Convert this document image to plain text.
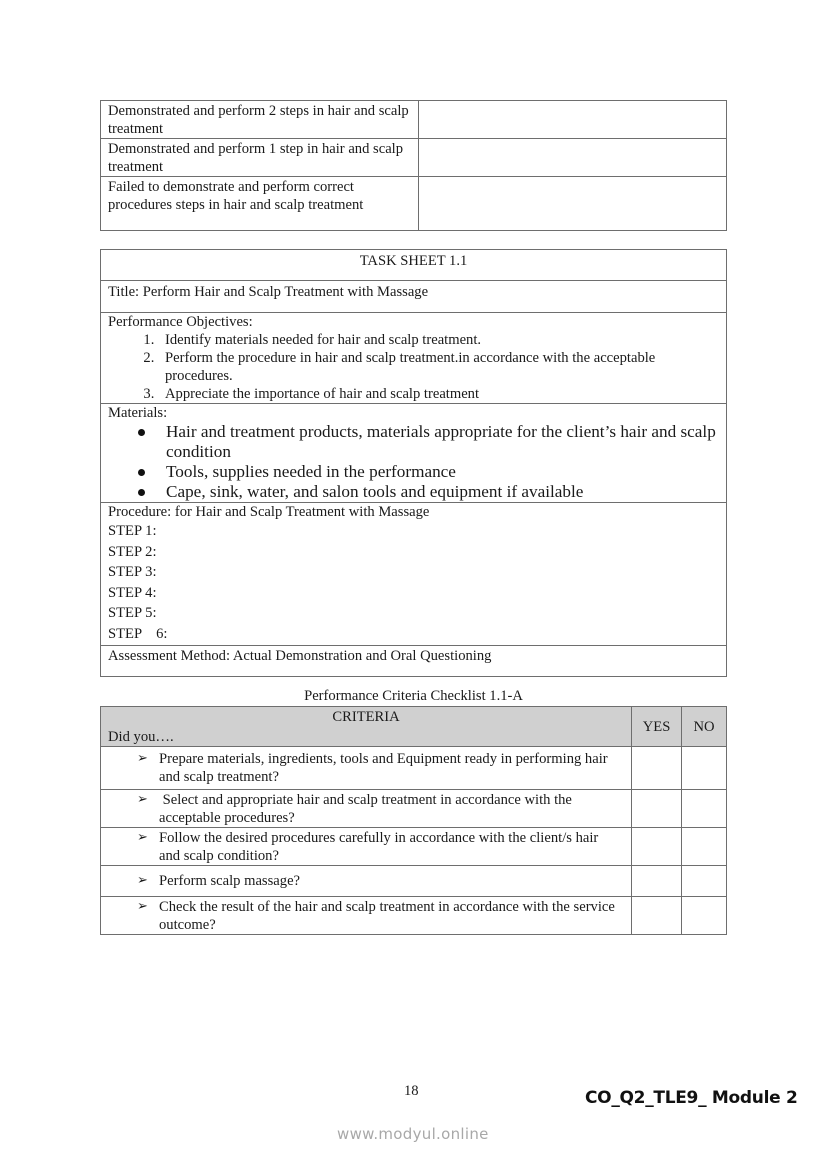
Demonstrated and perform 2 steps in hair and scalp treatment	
Demonstrated and perform 1 step in hair and scalp treatment	
Failed to demonstrate and perform correct procedures steps in hair and scalp treatment	
TASK SHEET 1.1
Title: Perform Hair and Scalp Treatment with Massage

Performance Objectives:
1. Identify materials needed for hair and scalp treatment.
2. Perform the procedure in hair and scalp treatment.in accordance with the acceptable procedures.
3. Appreciate the importance of hair and scalp treatment

Materials:
Hair and treatment products, materials appropriate for the client’s hair and scalp condition
Tools, supplies needed in the performance
Cape, sink, water, and salon tools and equipment if available

Procedure: for Hair and Scalp Treatment with Massage
STEP 1:
STEP 2:
STEP 3:
STEP 4:
STEP 5:
STEP    6:

Assessment Method: Actual Demonstration and Oral Questioning
Performance Criteria Checklist 1.1-A
CRITERIA
Did you….	YES	NO

➢ Prepare materials, ingredients, tools and Equipment ready in performing hair and scalp treatment?		

➢ Select and appropriate hair and scalp treatment in accordance with the acceptable procedures?		

➢ Follow the desired procedures carefully in accordance with the client/s hair and scalp condition?		

➢ Perform scalp massage?		

➢ Check the result of the hair and scalp treatment in accordance with the service outcome?		

18	CO_Q2_TLE9_ Module 2
www.modyul.online
